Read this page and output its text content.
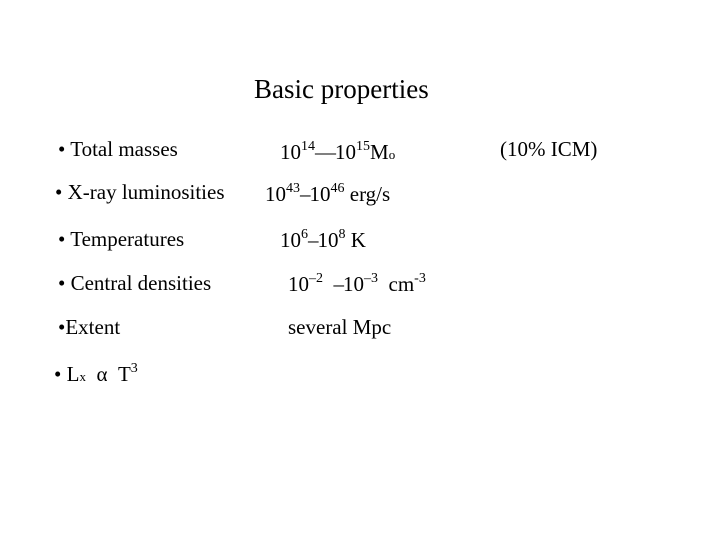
Basic properties
• Total masses	$10^{14}—10^{15}Mo$	(10% ICM)
• X-ray luminosities $10^{43}-10^{46}$ erg/s
• Temperatures	$10^6-10^8$ K
• Central densities	$10^{-2}$ $-10^{-3}$ $cm^{-3}$
•Extent	several Mpc
• Lx α $T^3$
